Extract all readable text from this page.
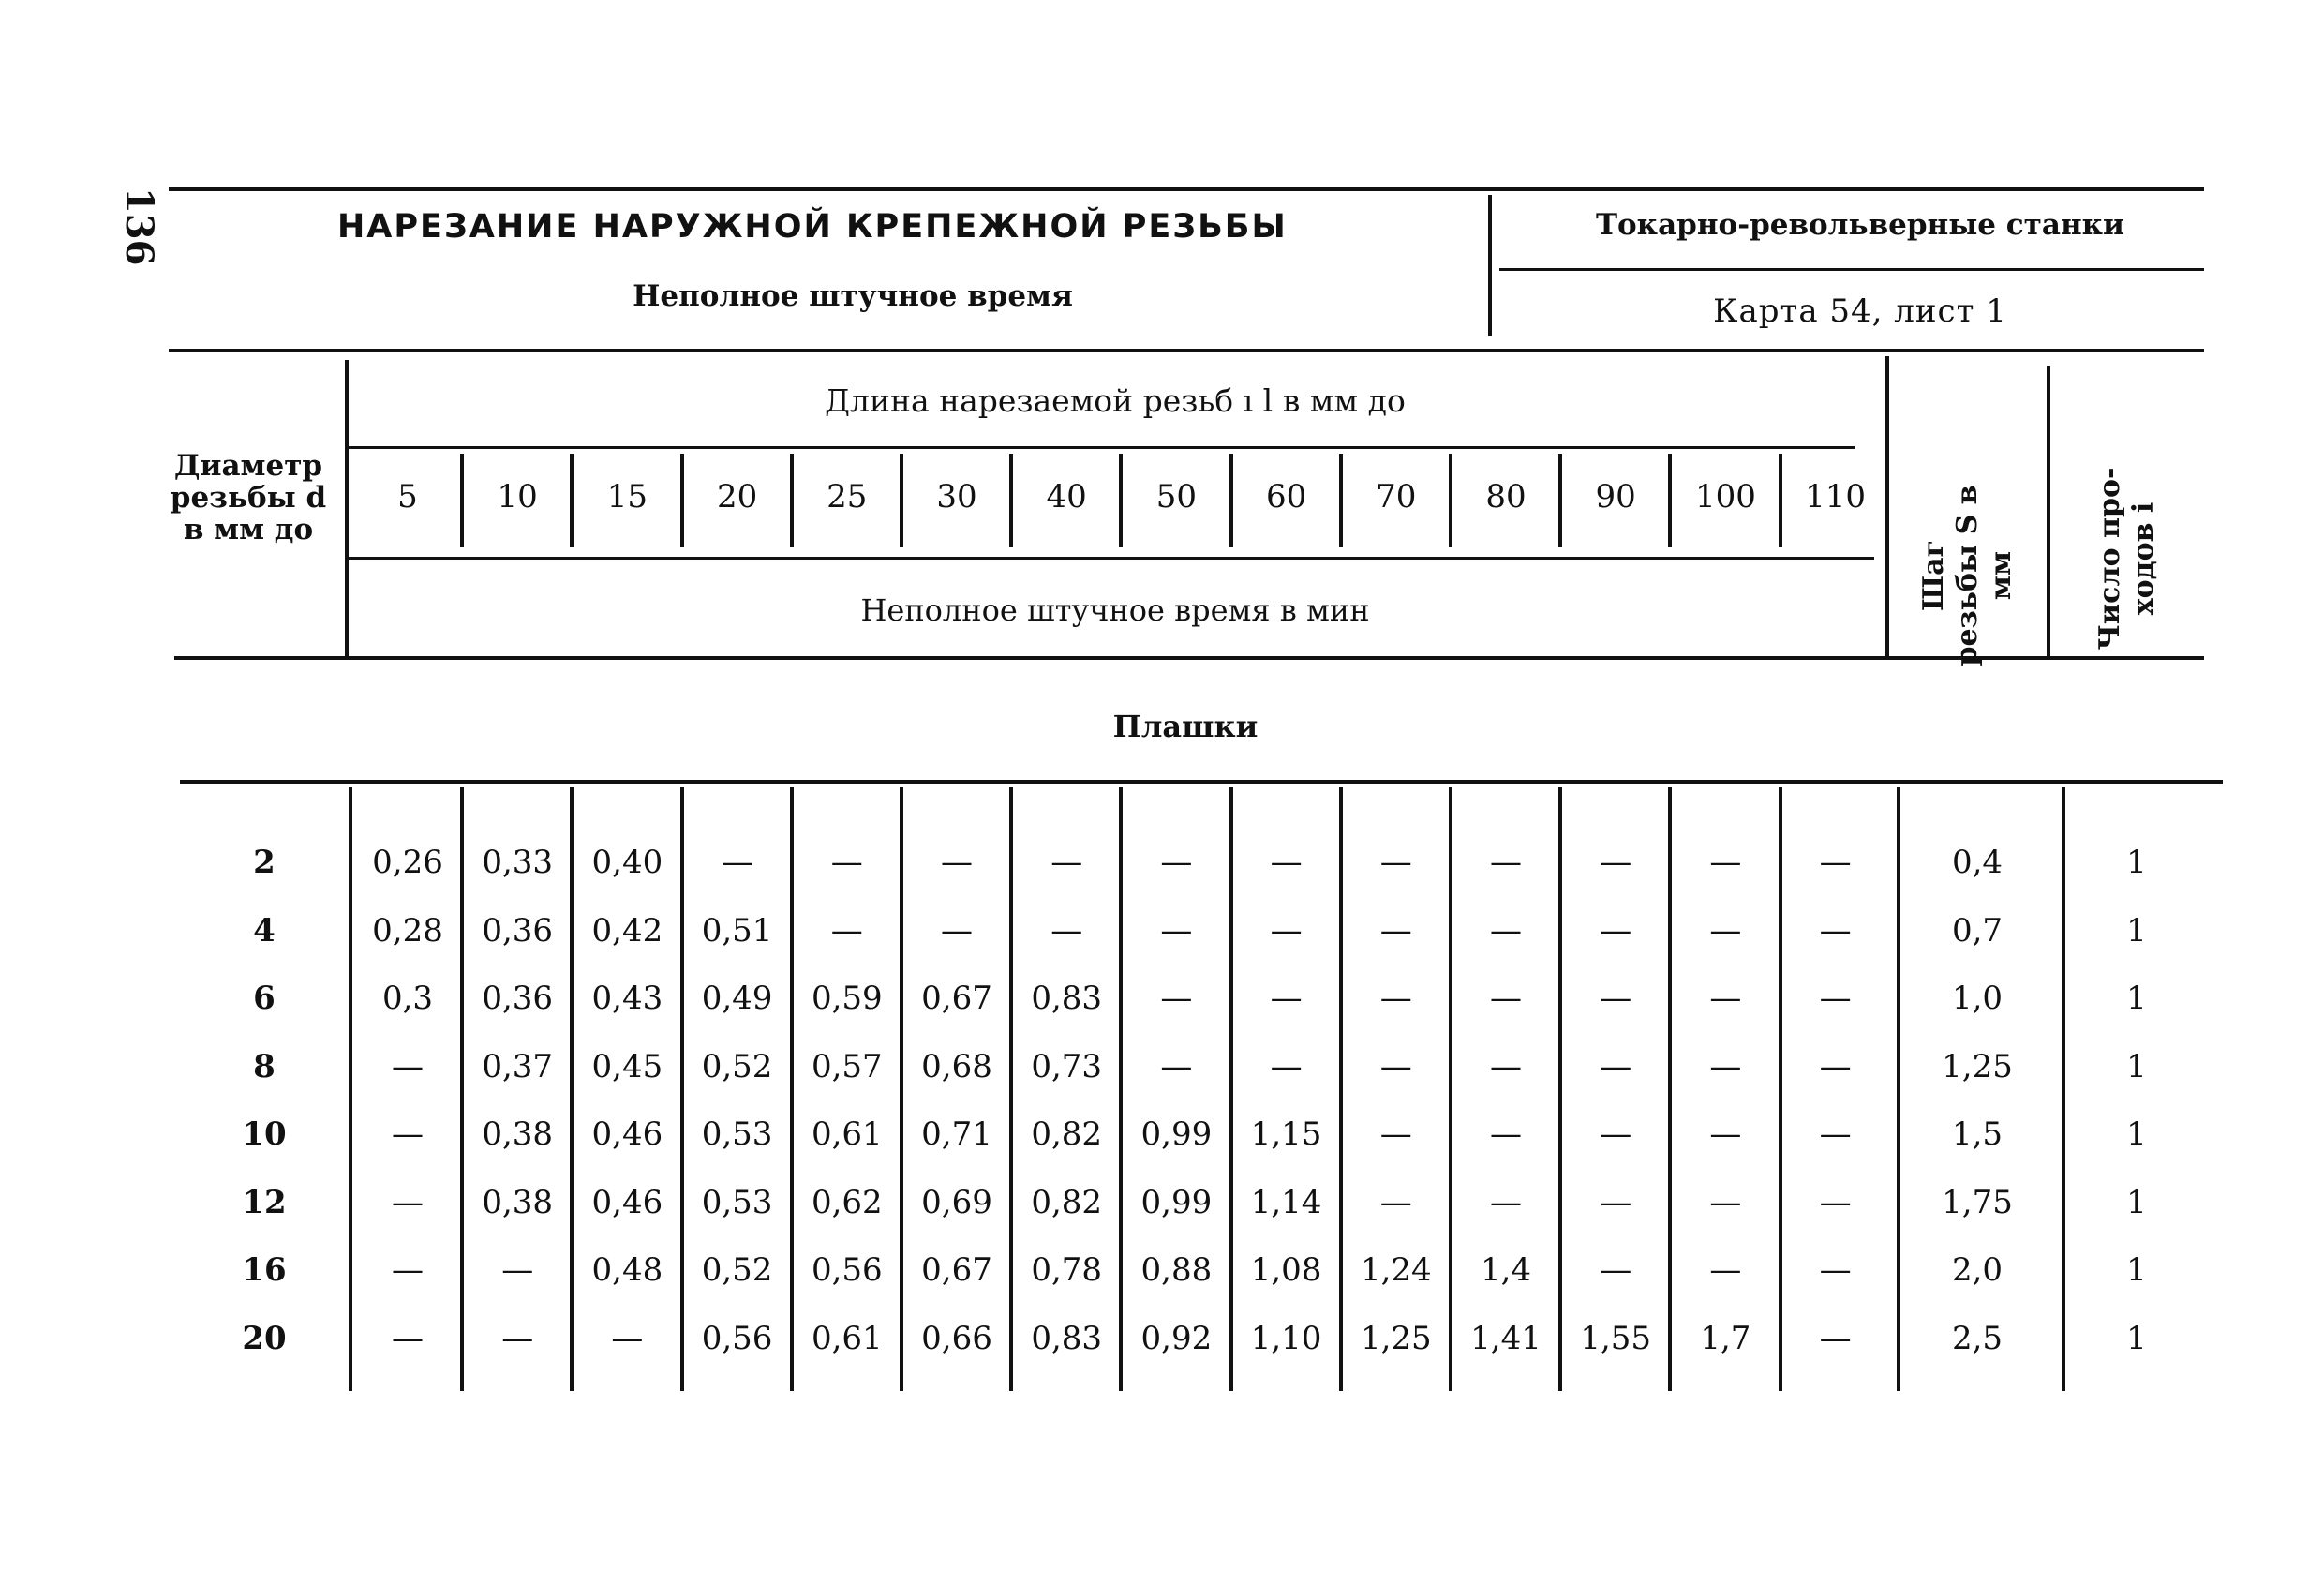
136	НАРЕЗАНИЕ НАРУЖНОЙ КРЕПЕЖНОЙ РЕЗЬБЫ
Неполное штучное время
Токарно-револьверные станки
Карта 54, лист 1
Диаметр резьбы d в мм до
Длина нарезаемой резьб ı l в мм до
Неполное штучное время в мин	Шаг резьбы S в мм	Число про-ходов i
Плашки
5	10	15	20	25	30	40	50	60	70	80	90	100	110
2	0,26	0,33	0,40	—	—	—	—	—	—	—	—	—	—	—	0,4	1
4	0,28	0,36	0,42	0,51	—	—	—	—	—	—	—	—	—	—	0,7	1
6	0,3	0,36	0,43	0,49	0,59	0,67	0,83	—	—	—	—	—	—	—	1,0	1
8	—	0,37	0,45	0,52	0,57	0,68	0,73	—	—	—	—	—	—	—	1,25	1
10	—	0,38	0,46	0,53	0,61	0,71	0,82	0,99	1,15	—	—	—	—	—	1,5	1
12	—	0,38	0,46	0,53	0,62	0,69	0,82	0,99	1,14	—	—	—	—	—	1,75	1
16	—	—	0,48	0,52	0,56	0,67	0,78	0,88	1,08	1,24	1,4	—	—	—	2,0	1
20	—	—	—	0,56	0,61	0,66	0,83	0,92	1,10	1,25	1,41	1,55	1,7	—	2,5	1
